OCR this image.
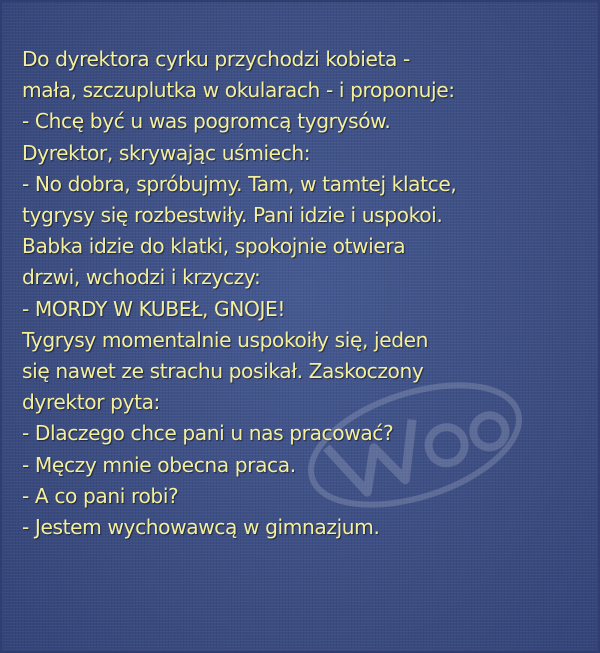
Do dyrektora cyrku przychodzi kobieta -
mała, szczuplutka w okularach - i proponuje:
- Chcę być u was pogromcą tygrysów.
Dyrektor, skrywając uśmiech:
- No dobra, spróbujmy. Tam, w tamtej klatce,
tygrysy się rozbestwiły. Pani idzie i uspokoi.
Babka idzie do klatki, spokojnie otwiera
drzwi, wchodzi i krzyczy:
- MORDY W KUBEŁ, GNOJE!
Tygrysy momentalnie uspokoiły się, jeden
się nawet ze strachu posikał. Zaskoczony
dyrektor pyta:
- Dlaczego chce pani u nas pracować?
- Męczy mnie obecna praca.
- A co pani robi?
- Jestem wychowawcą w gimnazjum.
